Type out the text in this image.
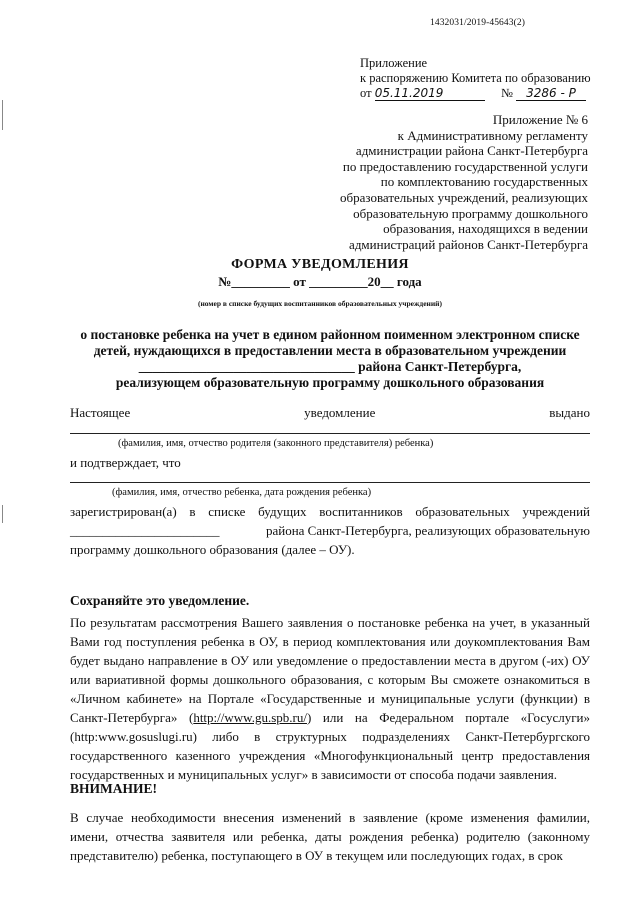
1432031/2019-45643(2)
Приложение
к распоряжению Комитета по образованию
от 05.11.2019	№ 3286 - Р
Приложение № 6
к Административному регламенту
администрации района Санкт-Петербурга
по предоставлению государственной услуги
по комплектованию государственных
образовательных учреждений, реализующих
образовательную программу дошкольного
образования, находящихся в ведении
администраций районов Санкт-Петербурга
ФОРМА УВЕДОМЛЕНИЯ
№_________ от _________20__ года
(номер в списке будущих воспитанников образовательных учреждений)
о постановке ребенка на учет в едином районном поименном электронном списке
детей, нуждающихся в предоставлении места в образовательном учреждении
________________________________ района Санкт-Петербурга,
реализующем образовательную программу дошкольного образования
Настоящее	уведомление	выдано
(фамилия, имя, отчество родителя (законного представителя) ребенка)
и подтверждает, что
(фамилия, имя, отчество ребенка, дата рождения ребенка)
зарегистрирован(а) в списке будущих воспитанников образовательных учреждений
_______________________	района Санкт-Петербурга, реализующих образовательную
программу дошкольного образования (далее – ОУ).
Сохраняйте это уведомление.
По результатам рассмотрения Вашего заявления о постановке ребенка на учет, в указанный Вами год поступления ребенка в ОУ, в период комплектования или доукомплектования Вам будет выдано направление в ОУ или уведомление о предоставлении места в другом (-их) ОУ или вариативной формы дошкольного образования, с которым Вы сможете ознакомиться в «Личном кабинете» на Портале «Государственные и муниципальные услуги (функции) в Санкт-Петербурга» (http://www.gu.spb.ru/) или на Федеральном портале «Госуслуги» (http:www.gosuslugi.ru) либо в структурных подразделениях Санкт-Петербургского государственного казенного учреждения «Многофункциональный центр предоставления государственных и муниципальных услуг» в зависимости от способа подачи заявления.
ВНИМАНИЕ!
В случае необходимости внесения изменений в заявление (кроме изменения фамилии, имени, отчества заявителя или ребенка, даты рождения ребенка) родителю (законному представителю) ребенка, поступающего в ОУ в текущем или последующих годах, в срок
